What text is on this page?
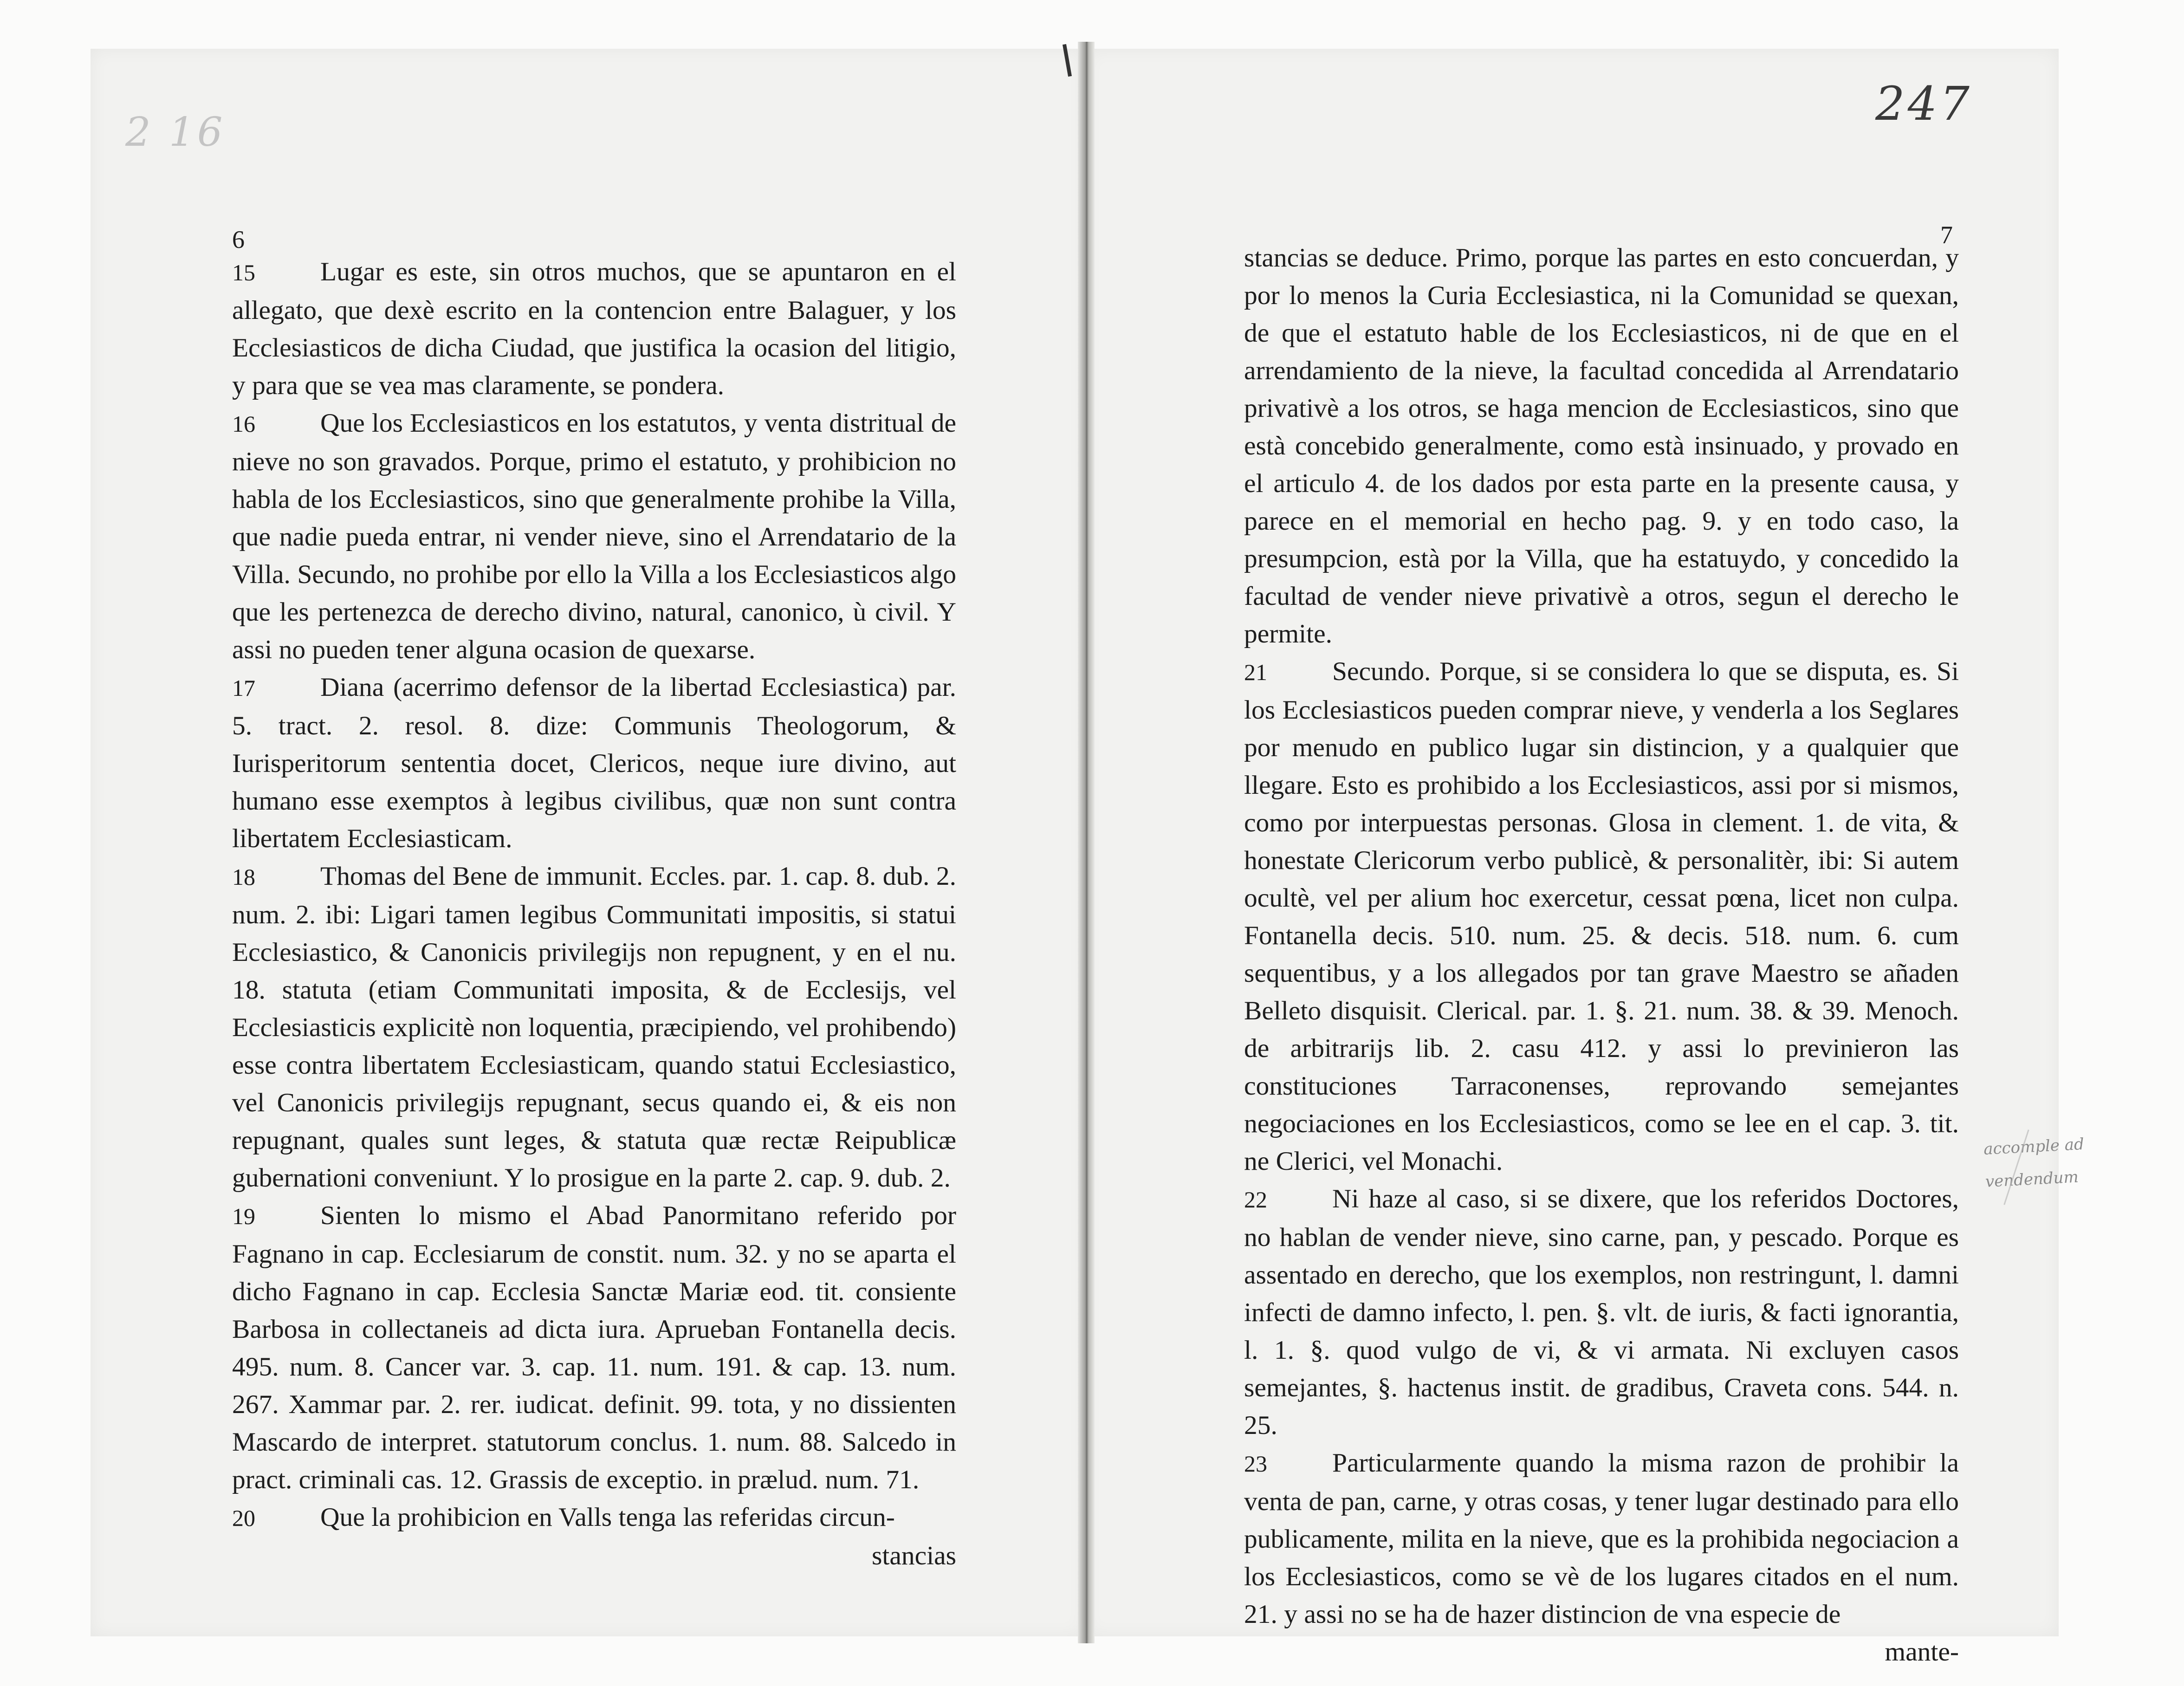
2 16
247
6	7

15 Lugar es este, sin otros muchos, que se apuntaron en el allegato, que dexè escrito en la contencion entre Balaguer, y los Ecclesiasticos de dicha Ciudad, que justifica la ocasion del litigio, y para que se vea mas claramente, se pondera.

16 Que los Ecclesiasticos en los estatutos, y venta distritual de nieve no son gravados. Porque, primo el estatuto, y prohibicion no habla de los Ecclesiasticos, sino que generalmente prohibe la Villa, que nadie pueda entrar, ni vender nieve, sino el Arrendatario de la Villa. Secundo, no prohibe por ello la Villa a los Ecclesiasticos algo que les pertenezca de derecho divino, natural, canonico, ù civil. Y assi no pueden tener alguna ocasion de quexarse.

17 Diana (acerrimo defensor de la libertad Ecclesiastica) par. 5. tract. 2. resol. 8. dize: Communis Theologorum, & Iurisperitorum sententia docet, Clericos, neque iure divino, aut humano esse exemptos à legibus civilibus, quæ non sunt contra libertatem Ecclesiasticam.

18 Thomas del Bene de immunit. Eccles. par. 1. cap. 8. dub. 2. num. 2. ibi: Ligari tamen legibus Communitati impositis, si statui Ecclesiastico, & Canonicis privilegijs non repugnent, y en el nu. 18. statuta (etiam Communitati imposita, & de Ecclesijs, vel Ecclesiasticis explicitè non loquentia, præcipiendo, vel prohibendo) esse contra libertatem Ecclesiasticam, quando statui Ecclesiastico, vel Canonicis privilegijs repugnant, secus quando ei, & eis non repugnant, quales sunt leges, & statuta quæ rectæ Reipublicæ gubernationi conveniunt. Y lo prosigue en la parte 2. cap. 9. dub. 2.

19 Sienten lo mismo el Abad Panormitano referido por Fagnano in cap. Ecclesiarum de constit. num. 32. y no se aparta el dicho Fagnano in cap. Ecclesia Sanctæ Mariæ eod. tit. consiente Barbosa in collectaneis ad dicta iura. Aprueban Fontanella decis. 495. num. 8. Cancer var. 3. cap. 11. num. 191. & cap. 13. num. 267. Xammar par. 2. rer. iudicat. definit. 99. tota, y no dissienten Mascardo de interpret. statutorum conclus. 1. num. 88. Salcedo in pract. criminali cas. 12. Grassis de exceptio. in prælud. num. 71.

20 Que la prohibicion en Valls tenga las referidas circun-

stancias

stancias se deduce. Primo, porque las partes en esto concuerdan, y por lo menos la Curia Ecclesiastica, ni la Comunidad se quexan, de que el estatuto hable de los Ecclesiasticos, ni de que en el arrendamiento de la nieve, la facultad concedida al Arrendatario privativè a los otros, se haga mencion de Ecclesiasticos, sino que està concebido generalmente, como està insinuado, y provado en el articulo 4. de los dados por esta parte en la presente causa, y parece en el memorial en hecho pag. 9. y en todo caso, la presumpcion, està por la Villa, que ha estatuydo, y concedido la facultad de vender nieve privativè a otros, segun el derecho le permite.

21 Secundo. Porque, si se considera lo que se disputa, es. Si los Ecclesiasticos pueden comprar nieve, y venderla a los Seglares por menudo en publico lugar sin distincion, y a qualquier que llegare. Esto es prohibido a los Ecclesiasticos, assi por si mismos, como por interpuestas personas. Glosa in clement. 1. de vita, & honestate Clericorum verbo publicè, & personalitèr, ibi: Si autem ocultè, vel per alium hoc exercetur, cessat pœna, licet non culpa. Fontanella decis. 510. num. 25. & decis. 518. num. 6. cum sequentibus, y a los allegados por tan grave Maestro se añaden Belleto disquisit. Clerical. par. 1. §. 21. num. 38. & 39. Menoch. de arbitrarijs lib. 2. casu 412. y assi lo previnieron las constituciones Tarraconenses, reprovando semejantes negociaciones en los Ecclesiasticos, como se lee en el cap. 3. tit. ne Clerici, vel Monachi.

22 Ni haze al caso, si se dixere, que los referidos Doctores, no hablan de vender nieve, sino carne, pan, y pescado. Porque es assentado en derecho, que los exemplos, non restringunt, l. damni infecti de damno infecto, l. pen. §. vlt. de iuris, & facti ignorantia, l. 1. §. quod vulgo de vi, & vi armata. Ni excluyen casos semejantes, §. hactenus instit. de gradibus, Craveta cons. 544. n. 25.

23 Particularmente quando la misma razon de prohibir la venta de pan, carne, y otras cosas, y tener lugar destinado para ello publicamente, milita en la nieve, que es la prohibida negociacion a los Ecclesiasticos, como se vè de los lugares citados en el num. 21. y assi no se ha de hazer distincion de vna especie de

mante-

accomple ad vendendum
